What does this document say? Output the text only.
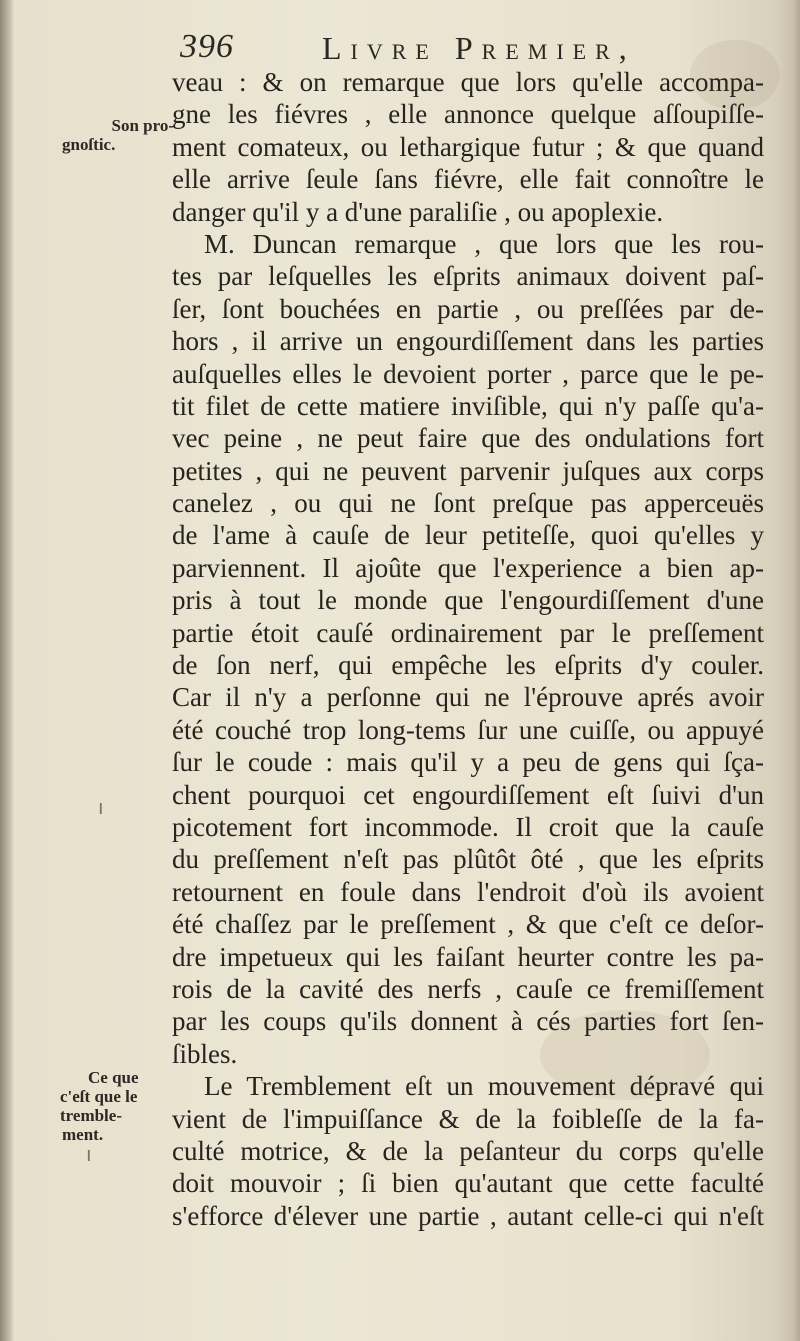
396	Livre Premier,
Son pro-
gnoſtic.
Ce que
c'eſt que le
tremble-
ment.
ı
ı
veau : & on remarque que lors qu'elle accompa-
gne les fiévres , elle annonce quelque aſſoupiſſe-
ment comateux, ou lethargique futur ; & que quand
elle arrive ſeule ſans fiévre, elle fait connoître le
danger qu'il y a d'une paraliſie , ou apoplexie.
M. Duncan remarque , que lors que les rou-
tes par leſquelles les eſprits animaux doivent paſ-
ſer, ſont bouchées en partie , ou preſſées par de-
hors , il arrive un engourdiſſement dans les parties
auſquelles elles le devoient porter , parce que le pe-
tit filet de cette matiere inviſible, qui n'y paſſe qu'a-
vec peine , ne peut faire que des ondulations fort
petites , qui ne peuvent parvenir juſques aux corps
canelez , ou qui ne ſont preſque pas apperceuës
de l'ame à cauſe de leur petiteſſe, quoi qu'elles y
parviennent. Il ajoûte que l'experience a bien ap-
pris à tout le monde que l'engourdiſſement d'une
partie étoit cauſé ordinairement par le preſſement
de ſon nerf, qui empêche les eſprits d'y couler.
Car il n'y a perſonne qui ne l'éprouve aprés avoir
été couché trop long-tems ſur une cuiſſe, ou appuyé
ſur le coude : mais qu'il y a peu de gens qui ſça-
chent pourquoi cet engourdiſſement eſt ſuivi d'un
picotement fort incommode. Il croit que la cauſe
du preſſement n'eſt pas plûtôt ôté , que les eſprits
retournent en foule dans l'endroit d'où ils avoient
été chaſſez par le preſſement , & que c'eſt ce deſor-
dre impetueux qui les faiſant heurter contre les pa-
rois de la cavité des nerfs , cauſe ce fremiſſement
par les coups qu'ils donnent à cés parties fort ſen-
ſibles.
Le Tremblement eſt un mouvement dépravé qui
vient de l'impuiſſance & de la foibleſſe de la fa-
culté motrice, & de la peſanteur du corps qu'elle
doit mouvoir ; ſi bien qu'autant que cette faculté
s'efforce d'élever une partie , autant celle-ci qui n'eſt
